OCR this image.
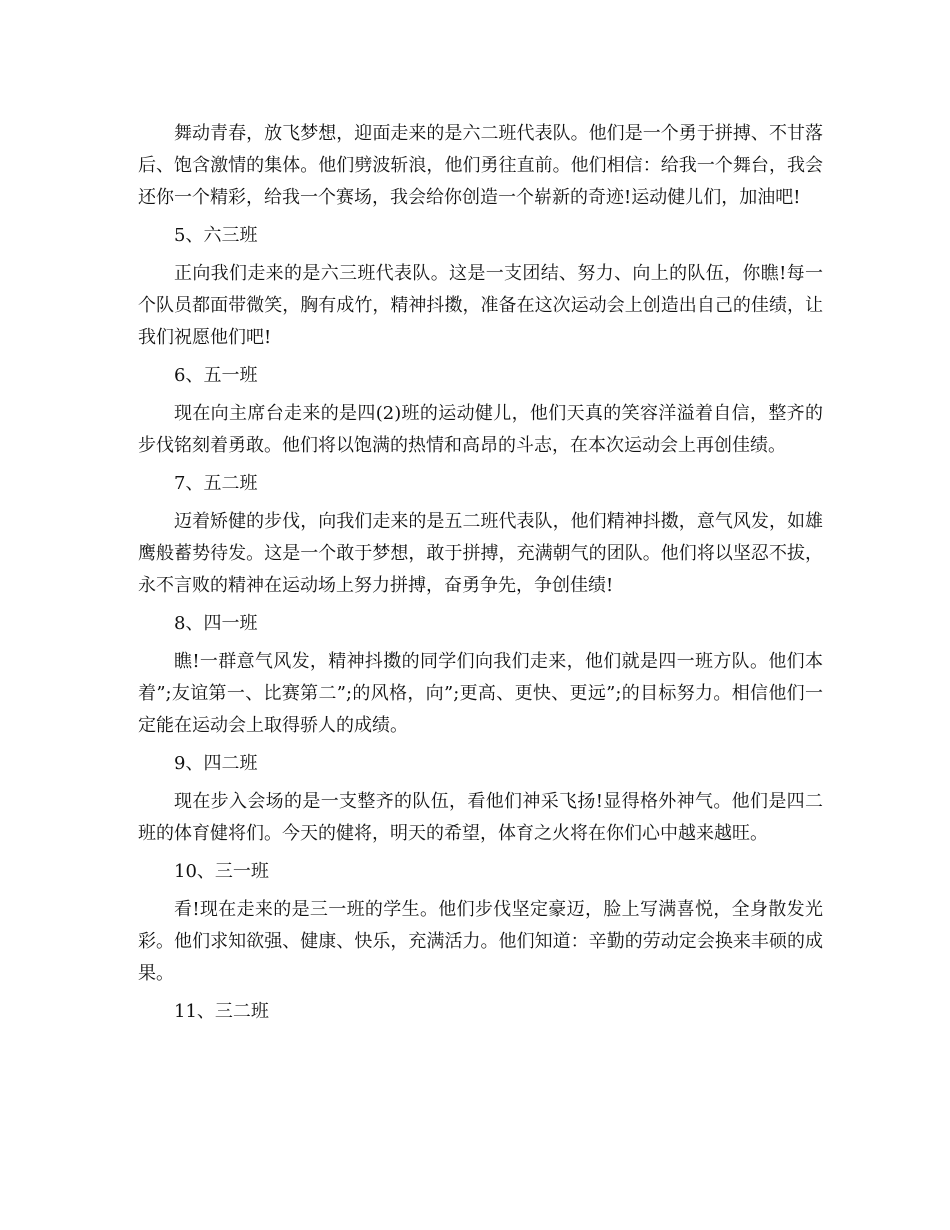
舞动青春，放飞梦想，迎面走来的是六二班代表队。他们是一个勇于拼搏、不甘落后、饱含激情的集体。他们劈波斩浪，他们勇往直前。他们相信：给我一个舞台，我会还你一个精彩，给我一个赛场，我会给你创造一个崭新的奇迹!运动健儿们，加油吧!

5、六三班

正向我们走来的是六三班代表队。这是一支团结、努力、向上的队伍，你瞧!每一个队员都面带微笑，胸有成竹，精神抖擞，准备在这次运动会上创造出自己的佳绩，让我们祝愿他们吧!

6、五一班

现在向主席台走来的是四(2)班的运动健儿，他们天真的笑容洋溢着自信，整齐的步伐铭刻着勇敢。他们将以饱满的热情和高昂的斗志，在本次运动会上再创佳绩。

7、五二班

迈着矫健的步伐，向我们走来的是五二班代表队，他们精神抖擞，意气风发，如雄鹰般蓄势待发。这是一个敢于梦想，敢于拼搏，充满朝气的团队。他们将以坚忍不拔，永不言败的精神在运动场上努力拼搏，奋勇争先，争创佳绩!

8、四一班

瞧!一群意气风发，精神抖擞的同学们向我们走来，他们就是四一班方队。他们本着”;友谊第一、比赛第二”;的风格，向”;更高、更快、更远”;的目标努力。相信他们一定能在运动会上取得骄人的成绩。

9、四二班

现在步入会场的是一支整齐的队伍，看他们神采飞扬!显得格外神气。他们是四二班的体育健将们。今天的健将，明天的希望，体育之火将在你们心中越来越旺。

10、三一班

看!现在走来的是三一班的学生。他们步伐坚定豪迈，脸上写满喜悦，全身散发光彩。他们求知欲强、健康、快乐，充满活力。他们知道：辛勤的劳动定会换来丰硕的成果。

11、三二班
